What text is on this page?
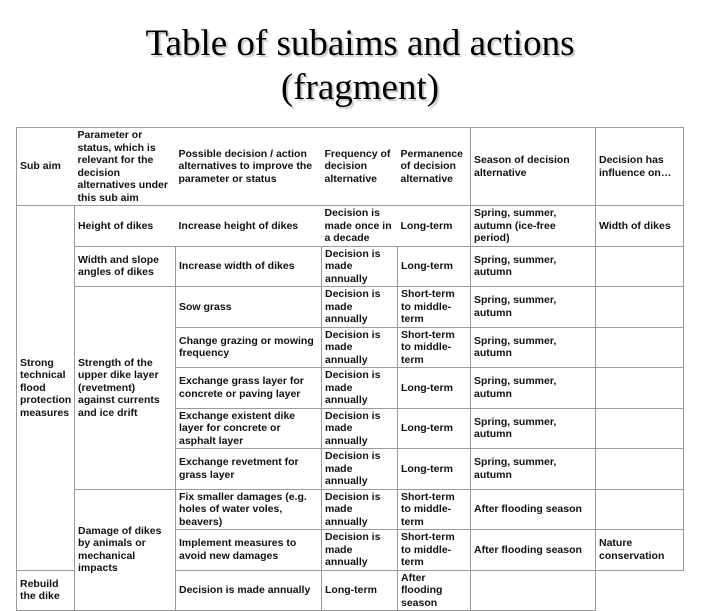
Table of subaims and actions
(fragment)
Sub aim	Parameter or status, which is relevant for the decision alternatives under this sub aim	Possible decision / action alternatives to improve the parameter or status	Frequency of decision alternative	Permanence of decision alternative	Season of decision alternative	Decision has influence on…
Strong technical flood protection measures	Height of dikes	Increase height of dikes	Decision is made once in a decade	Long-term	Spring, summer, autumn (ice-free period)	Width of dikes
	Width and slope angles of dikes	Increase width of dikes	Decision is made annually	Long-term	Spring, summer, autumn	
	Strength of the upper dike layer (revetment) against currents and ice drift	Sow grass	Decision is made annually	Short-term to middle-term	Spring, summer, autumn	
		Change grazing or mowing frequency	Decision is made annually	Short-term to middle-term	Spring, summer, autumn	
		Exchange grass layer for concrete or paving layer	Decision is made annually	Long-term	Spring, summer, autumn	
		Exchange existent dike layer for concrete or asphalt layer	Decision is made annually	Long-term	Spring, summer, autumn	
		Exchange revetment for grass layer	Decision is made annually	Long-term	Spring, summer, autumn	

	Damage of dikes by animals or mechanical impacts	Fix smaller damages (e.g. holes of water voles, beavers)	Decision is made annually	Short-term to middle-term	After flooding season	
		Implement measures to avoid new damages	Decision is made annually	Short-term to middle-term	After flooding season	Nature conservation
Rebuild the dike		Decision is made annually	Long-term	After flooding season		
